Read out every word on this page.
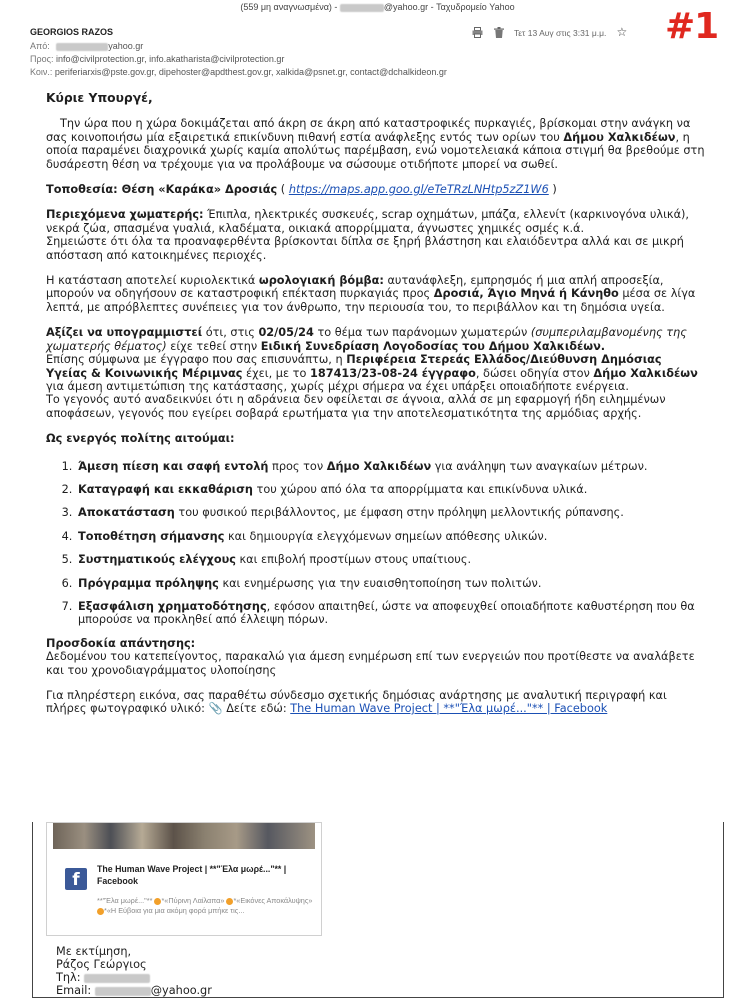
(559 μη αναγνωσμένα) -	@yahoo.gr - Ταχυδρομείο Yahoo	#1
GEORGIOS RAZOS
Από:	yahoo.gr
Προς: info@civilprotection.gr, info.akatharista@civilprotection.gr
Κοιν.: periferiarxis@pste.gov.gr, dipehoster@apdthest.gov.gr, xalkida@psnet.gr, contact@dchalkideon.gr
Τετ 13 Αυγ στις 3:31 μ.μ. ☆
Κύριε Υπουργέ,

Την ώρα που η χώρα δοκιμάζεται από άκρη σε άκρη από καταστροφικές πυρκαγιές, βρίσκομαι στην ανάγκη να σας κοινοποιήσω μία εξαιρετικά επικίνδυνη πιθανή εστία ανάφλεξης εντός των ορίων του Δήμου Χαλκιδέων, η οποία παραμένει διαχρονικά χωρίς καμία απολύτως παρέμβαση, ενώ νομοτελειακά κάποια στιγμή θα βρεθούμε στη δυσάρεστη θέση να τρέχουμε για να προλάβουμε να σώσουμε οτιδήποτε μπορεί να σωθεί.

Τοποθεσία: Θέση «Καράκα» Δροσιάς ( https://maps.app.goo.gl/eTeTRzLNHtp5zZ1W6 )

Περιεχόμενα χωματερής: Έπιπλα, ηλεκτρικές συσκευές, scrap οχημάτων, μπάζα, ελλενίτ (καρκινογόνα υλικά), νεκρά ζώα, σπασμένα γυαλιά, κλαδέματα, οικιακά απορρίμματα, άγνωστες χημικές οσμές κ.ά.
Σημειώστε ότι όλα τα προαναφερθέντα βρίσκονται δίπλα σε ξηρή βλάστηση και ελαιόδεντρα αλλά και σε μικρή απόσταση από κατοικημένες περιοχές.

Η κατάσταση αποτελεί κυριολεκτικά ωρολογιακή βόμβα: αυτανάφλεξη, εμπρησμός ή μια απλή απροσεξία, μπορούν να οδηγήσουν σε καταστροφική επέκταση πυρκαγιάς προς Δροσιά, Άγιο Μηνά ή Κάνηθο μέσα σε λίγα λεπτά, με απρόβλεπτες συνέπειες για τον άνθρωπο, την περιουσία του, το περιβάλλον και τη δημόσια υγεία.

Αξίζει να υπογραμμιστεί ότι, στις 02/05/24 το θέμα των παράνομων χωματερών (συμπεριλαμβανομένης της χωματερής θέματος) είχε τεθεί στην Ειδική Συνεδρίαση Λογοδοσίας του Δήμου Χαλκιδέων.
Επίσης σύμφωνα με έγγραφο που σας επισυνάπτω, η Περιφέρεια Στερεάς Ελλάδος/Διεύθυνση Δημόσιας Υγείας & Κοινωνικής Μέριμνας έχει, με το 187413/23-08-24 έγγραφο, δώσει οδηγία στον Δήμο Χαλκιδέων για άμεση αντιμετώπιση της κατάστασης, χωρίς μέχρι σήμερα να έχει υπάρξει οποιαδήποτε ενέργεια.
Το γεγονός αυτό αναδεικνύει ότι η αδράνεια δεν οφείλεται σε άγνοια, αλλά σε μη εφαρμογή ήδη ειλημμένων αποφάσεων, γεγονός που εγείρει σοβαρά ερωτήματα για την αποτελεσματικότητα της αρμόδιας αρχής.

Ως ενεργός πολίτης αιτούμαι:

1. Άμεση πίεση και σαφή εντολή προς τον Δήμο Χαλκιδέων για ανάληψη των αναγκαίων μέτρων.
2. Καταγραφή και εκκαθάριση του χώρου από όλα τα απορρίμματα και επικίνδυνα υλικά.
3. Αποκατάσταση του φυσικού περιβάλλοντος, με έμφαση στην πρόληψη μελλοντικής ρύπανσης.
4. Τοποθέτηση σήμανσης και δημιουργία ελεγχόμενων σημείων απόθεσης υλικών.
5. Συστηματικούς ελέγχους και επιβολή προστίμων στους υπαίτιους.
6. Πρόγραμμα πρόληψης και ενημέρωσης για την ευαισθητοποίηση των πολιτών.
7. Εξασφάλιση χρηματοδότησης, εφόσον απαιτηθεί, ώστε να αποφευχθεί οποιαδήποτε καθυστέρηση που θα μπορούσε να προκληθεί από έλλειψη πόρων.

Προσδοκία απάντησης:
Δεδομένου του κατεπείγοντος, παρακαλώ για άμεση ενημέρωση επί των ενεργειών που προτίθεστε να αναλάβετε και του χρονοδιαγράμματος υλοποίησης

Για πληρέστερη εικόνα, σας παραθέτω σύνδεσμο σχετικής δημόσιας ανάρτησης με αναλυτική περιγραφή και πλήρες φωτογραφικό υλικό: 📎 Δείτε εδώ: The Human Wave Project | **"Έλα μωρέ..."** | Facebook

f
The Human Wave Project | **"Έλα μωρέ..."** | Facebook
**"Έλα μωρέ..."** *«Πύρινη Λαίλαπα» *«Εικόνες Αποκάλυψης» *«Η Εύβοια για μια ακόμη φορά μπήκε τις...
Με εκτίμηση,
Ράζος Γεώργιος
Τηλ:
Email:	@yahoo.gr
